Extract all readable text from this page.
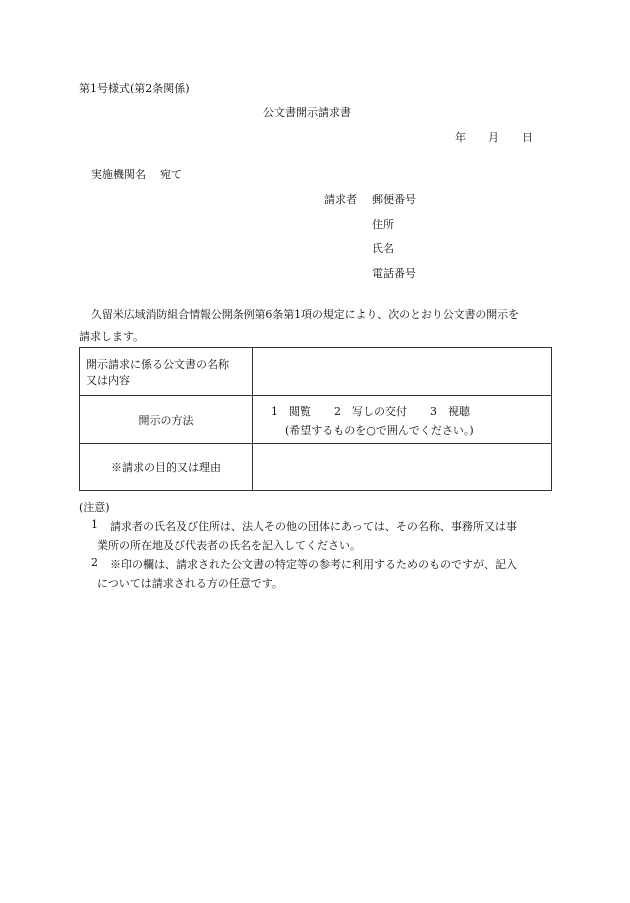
第1号様式(第2条関係)
公文書開示請求書
年 月 日
実施機関名 宛て
請求者 郵便番号
住所
氏名
電話番号
久留米広域消防組合情報公開条例第6条第1項の規定により、次のとおり公文書の開示を
請求します。
開示請求に係る公文書の名称
又は内容	

開示の方法	1　閲覧 2　写しの交付 3　視聴
(希望するものを○で囲んでください。)

※請求の目的又は理由	
(注意)
1 請求者の氏名及び住所は、法人その他の団体にあっては、その名称、事務所又は事
業所の所在地及び代表者の氏名を記入してください。
2 ※印の欄は、請求された公文書の特定等の参考に利用するためのものですが、記入
については請求される方の任意です。
